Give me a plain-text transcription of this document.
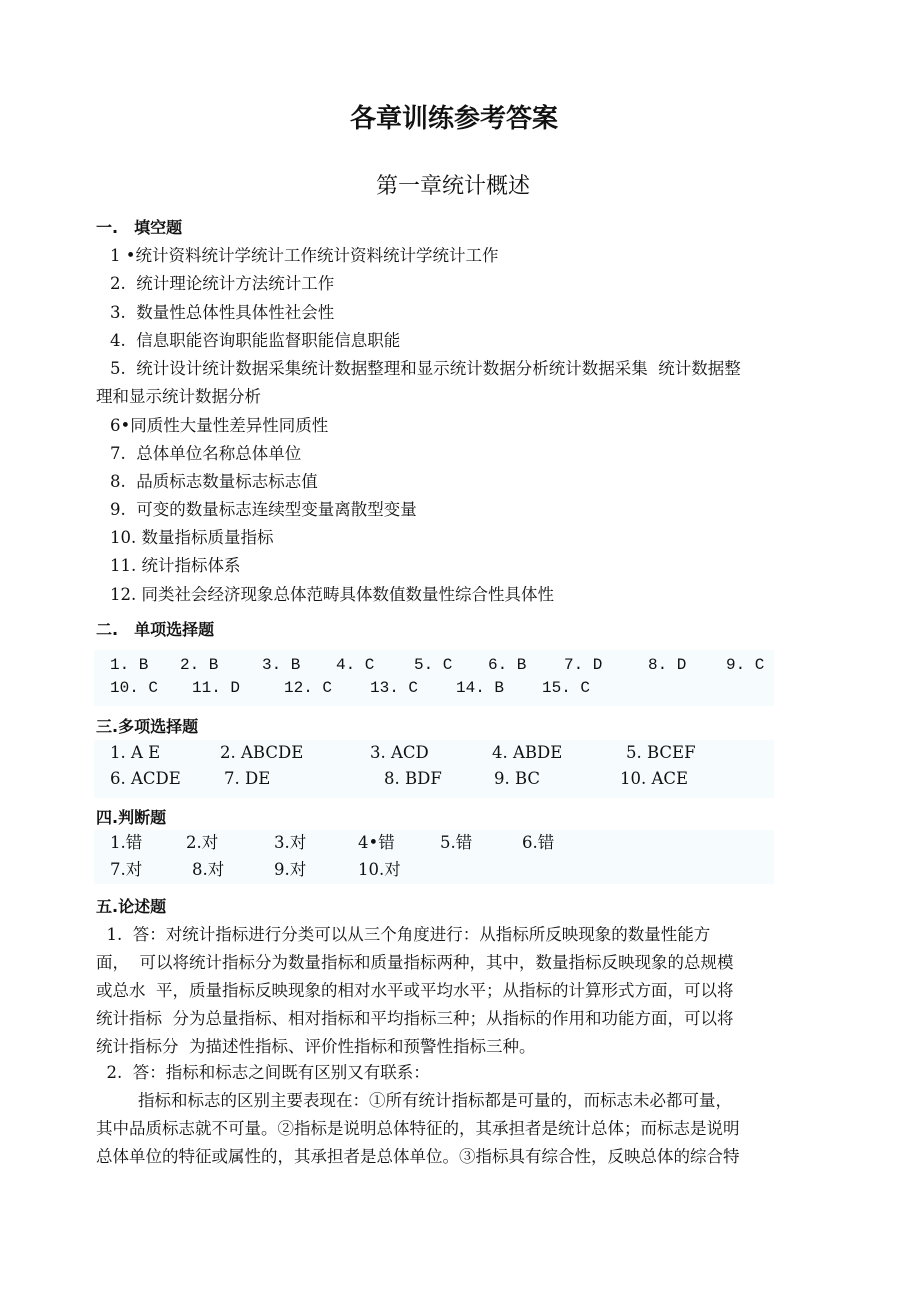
各章训练参考答案
第一章统计概述
一.　填空题
二.　单项选择题
三.多项选择题
四.判断题
五.论述题
1 •统计资料统计学统计工作统计资料统计学统计工作
2.  统计理论统计方法统计工作
3.  数量性总体性具体性社会性
4.  信息职能咨询职能监督职能信息职能
5.  统计设计统计数据采集统计数据整理和显示统计数据分析统计数据采集  统计数据整
理和显示统计数据分析
6•同质性大量性差异性同质性
7.  总体单位名称总体单位
8.  品质标志数量标志标志值
9.  可变的数量标志连续型变量离散型变量
10. 数量指标质量指标
11. 统计指标体系
12. 同类社会经济现象总体范畴具体数值数量性综合性具体性
1. B 2. B	3. B 4. C 5. C 6. B 7. D	8. D 9. C
10. C 11. D	12. C 13. C 14. B 15. C
1. A E	2. ABCDE	3. ACD	4. ABDE	5. BCEF
6. ACDE	7. DE	8. BDF	9. BC	10. ACE
1.错	2.对	3.对	4•错	5.错	6.错
7.对	8.对	9.对	10.对
1.  答：对统计指标进行分类可以从三个角度进行：从指标所反映现象的数量性能方
面，  可以将统计指标分为数量指标和质量指标两种，其中，数量指标反映现象的总规模
或总水  平，质量指标反映现象的相对水平或平均水平；从指标的计算形式方面，可以将
统计指标  分为总量指标、相对指标和平均指标三种；从指标的作用和功能方面，可以将
统计指标分  为描述性指标、评价性指标和预警性指标三种。
2.  答：指标和标志之间既有区别又有联系：
指标和标志的区别主要表现在：①所有统计指标都是可量的，而标志未必都可量，
其中品质标志就不可量。②指标是说明总体特征的，其承担者是统计总体；而标志是说明
总体单位的特征或属性的，其承担者是总体单位。③指标具有综合性，反映总体的综合特
